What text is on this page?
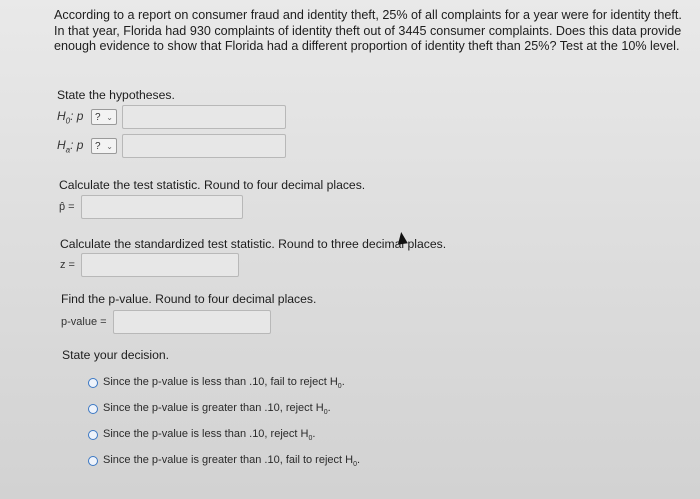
According to a report on consumer fraud and identity theft, 25% of all complaints for a year were for identity theft. In that year, Florida had 930 complaints of identity theft out of 3445 consumer complaints. Does this data provide enough evidence to show that Florida had a different proportion of identity theft than 25%? Test at the 10% level.
State the hypotheses.
$H_0$: p	? ⌄
$H_a$: p	? ⌄
Calculate the test statistic. Round to four decimal places.
p̂ =
Calculate the standardized test statistic. Round to three decimal places.
z =
Find the p-value. Round to four decimal places.
p-value =
State your decision.
Since the p-value is less than .10, fail to reject $H_0$.
Since the p-value is greater than .10, reject $H_0$.
Since the p-value is less than .10, reject $H_0$.
Since the p-value is greater than .10, fail to reject $H_0$.
